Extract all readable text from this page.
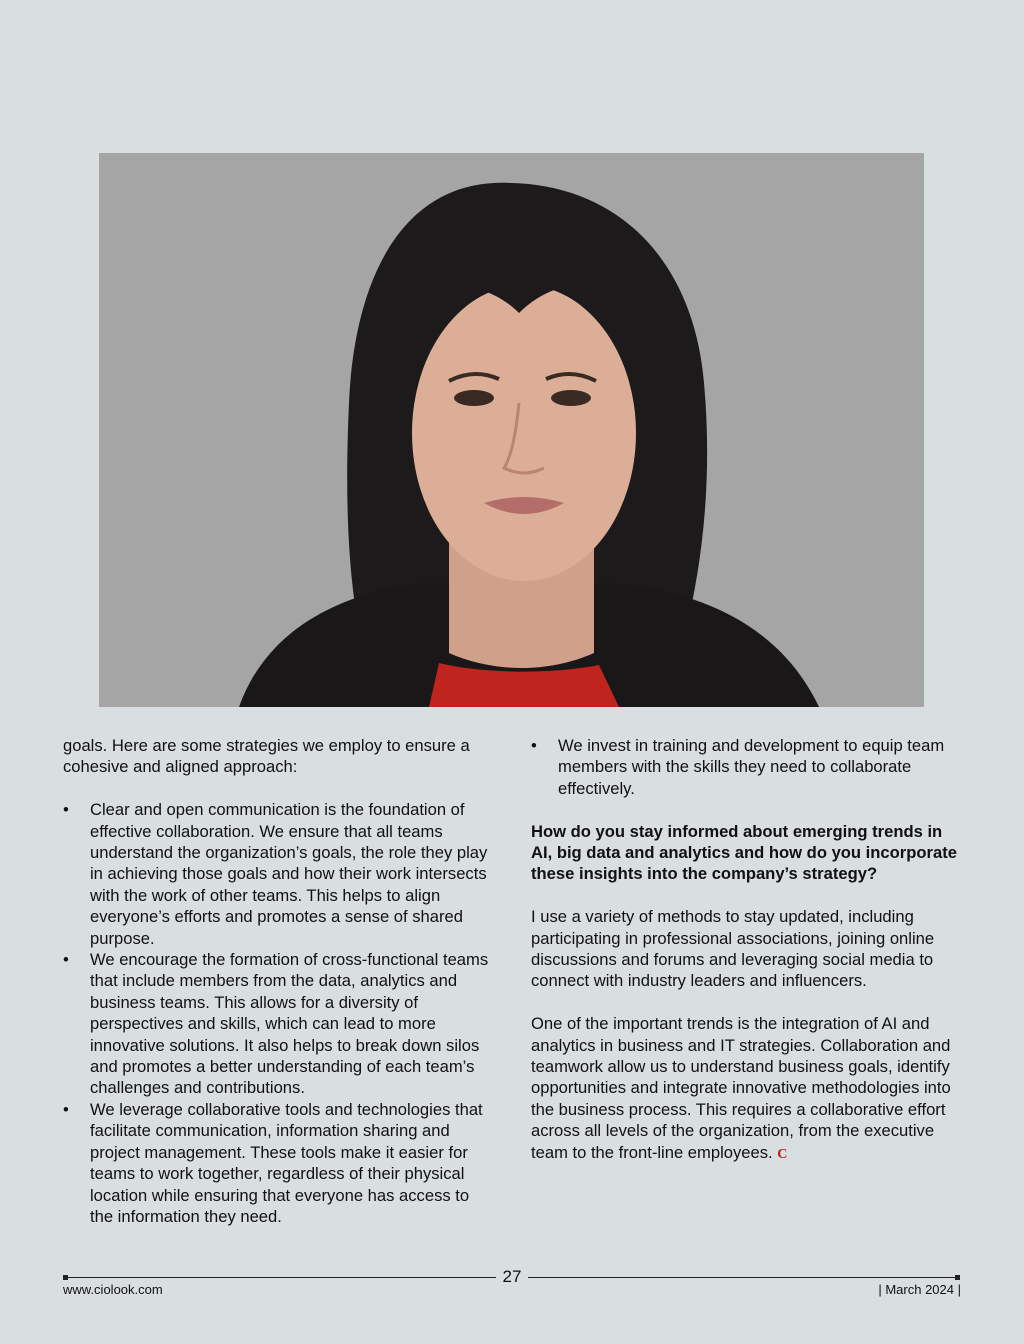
goals. Here are some strategies we employ to ensure a cohesive and aligned approach:

• Clear and open communication is the foundation of effective collaboration. We ensure that all teams understand the organization’s goals, the role they play in achieving those goals and how their work intersects with the work of other teams. This helps to align everyone’s efforts and promotes a sense of shared purpose.
• We encourage the formation of cross-functional teams that include members from the data, analytics and business teams. This allows for a diversity of perspectives and skills, which can lead to more innovative solutions. It also helps to break down silos and promotes a better understanding of each team’s challenges and contributions.
• We leverage collaborative tools and technologies that facilitate communication, information sharing and project management. These tools make it easier for teams to work together, regardless of their physical location while ensuring that everyone has access to the information they need.
• We invest in training and development to equip team members with the skills they need to collaborate effectively.

How do you stay informed about emerging trends in AI, big data and analytics and how do you incorporate these insights into the company’s strategy?

I use a variety of methods to stay updated, including participating in professional associations, joining online discussions and forums and leveraging social media to connect with industry leaders and influencers.

One of the important trends is the integration of AI and analytics in business and IT strategies. Collaboration and teamwork allow us to understand business goals, identify opportunities and integrate innovative methodologies into the business process. This requires a collaborative effort across all levels of the organization, from the executive team to the front-line employees. C

27
www.ciolook.com	| March 2024 |
